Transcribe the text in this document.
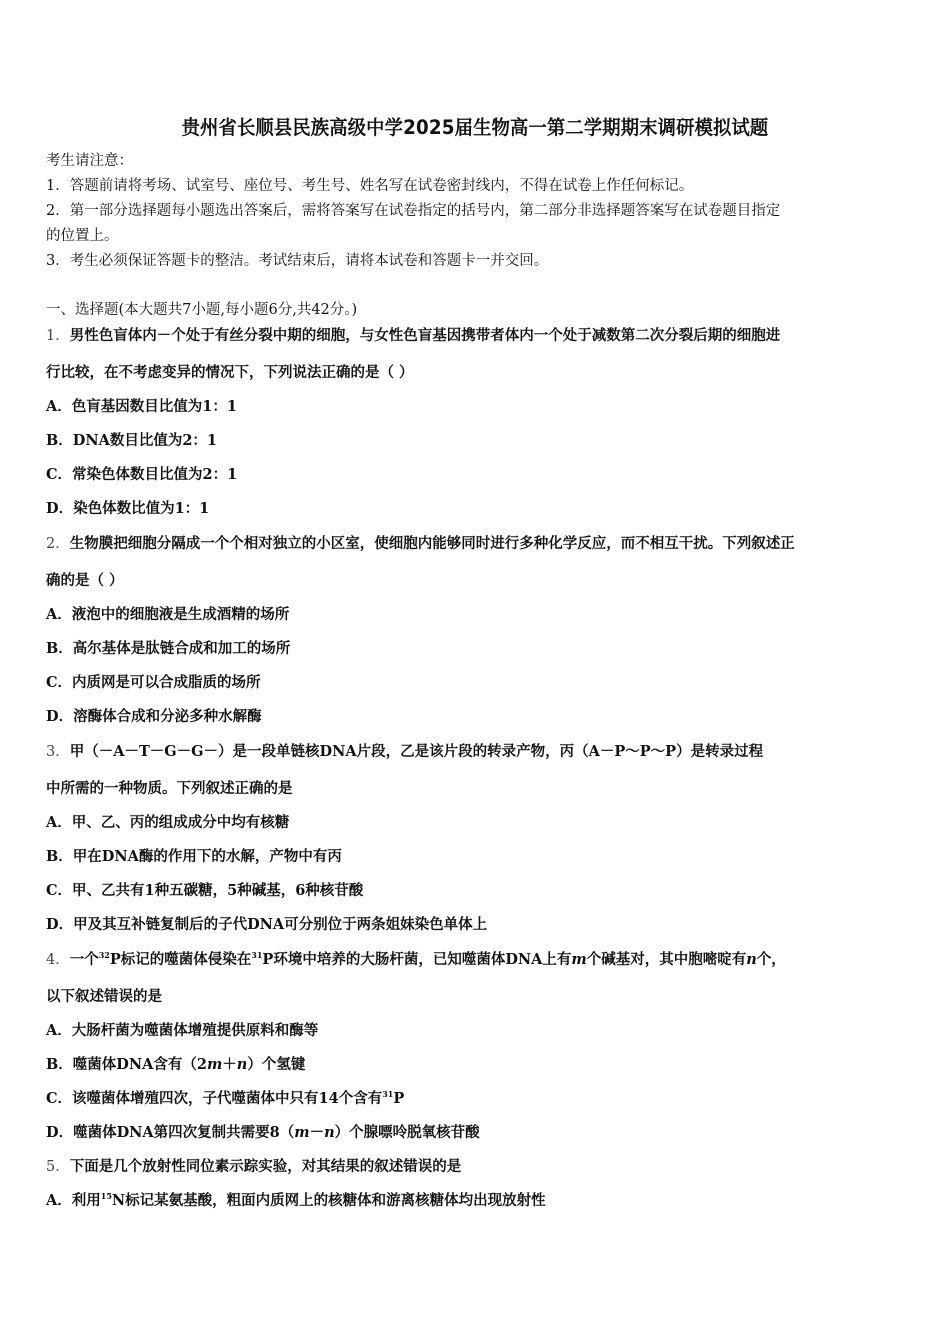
贵州省长顺县民族高级中学2025届生物高一第二学期期末调研模拟试题
考生请注意：
1．答题前请将考场、试室号、座位号、考生号、姓名写在试卷密封线内，不得在试卷上作任何标记。
2．第一部分选择题每小题选出答案后，需将答案写在试卷指定的括号内，第二部分非选择题答案写在试卷题目指定
的位置上。
3．考生必须保证答题卡的整洁。考试结束后，请将本试卷和答题卡一并交回。
一、选择题(本大题共7小题,每小题6分,共42分。)
1．男性色盲体内－个处于有丝分裂中期的细胞，与女性色盲基因携带者体内一个处于减数第二次分裂后期的细胞进
行比较，在不考虑变异的情况下，下列说法正确的是（ ）
A．色肓基因数目比值为1：1
B．DNA数目比值为2：1
C．常染色体数目比值为2：1
D．染色体数比值为1：1
2．生物膜把细胞分隔成一个个相对独立的小区室，使细胞内能够同时进行多种化学反应，而不相互干扰。下列叙述正
确的是（ ）
A．液泡中的细胞液是生成酒精的场所
B．高尔基体是肽链合成和加工的场所
C．内质网是可以合成脂质的场所
D．溶酶体合成和分泌多种水解酶
3．甲（－A－T－G－G－）是一段单链核DNA片段，乙是该片段的转录产物，丙（A－P～P～P）是转录过程
中所需的一种物质。下列叙述正确的是
A．甲、乙、丙的组成成分中均有核糖
B．甲在DNA酶的作用下的水解，产物中有丙
C．甲、乙共有1种五碳糖，5种碱基，6种核苷酸
D．甲及其互补链复制后的子代DNA可分别位于两条姐妹染色单体上
4．一个$^{32}$P标记的噬菌体侵染在$^{31}$P环境中培养的大肠杆菌，已知噬菌体DNA上有m个碱基对，其中胞嘧啶有n个，
以下叙述错误的是
A．大肠杆菌为噬菌体增殖提供原料和酶等
B．噬菌体DNA含有（2m＋n）个氢键
C．该噬菌体增殖四次，子代噬菌体中只有14个含有$^{31}$P
D．噬菌体DNA第四次复制共需要8（m－n）个腺嘌呤脱氧核苷酸
5．下面是几个放射性同位素示踪实验，对其结果的叙述错误的是
A．利用$^{15}$N标记某氨基酸，粗面内质网上的核糖体和游离核糖体均出现放射性
